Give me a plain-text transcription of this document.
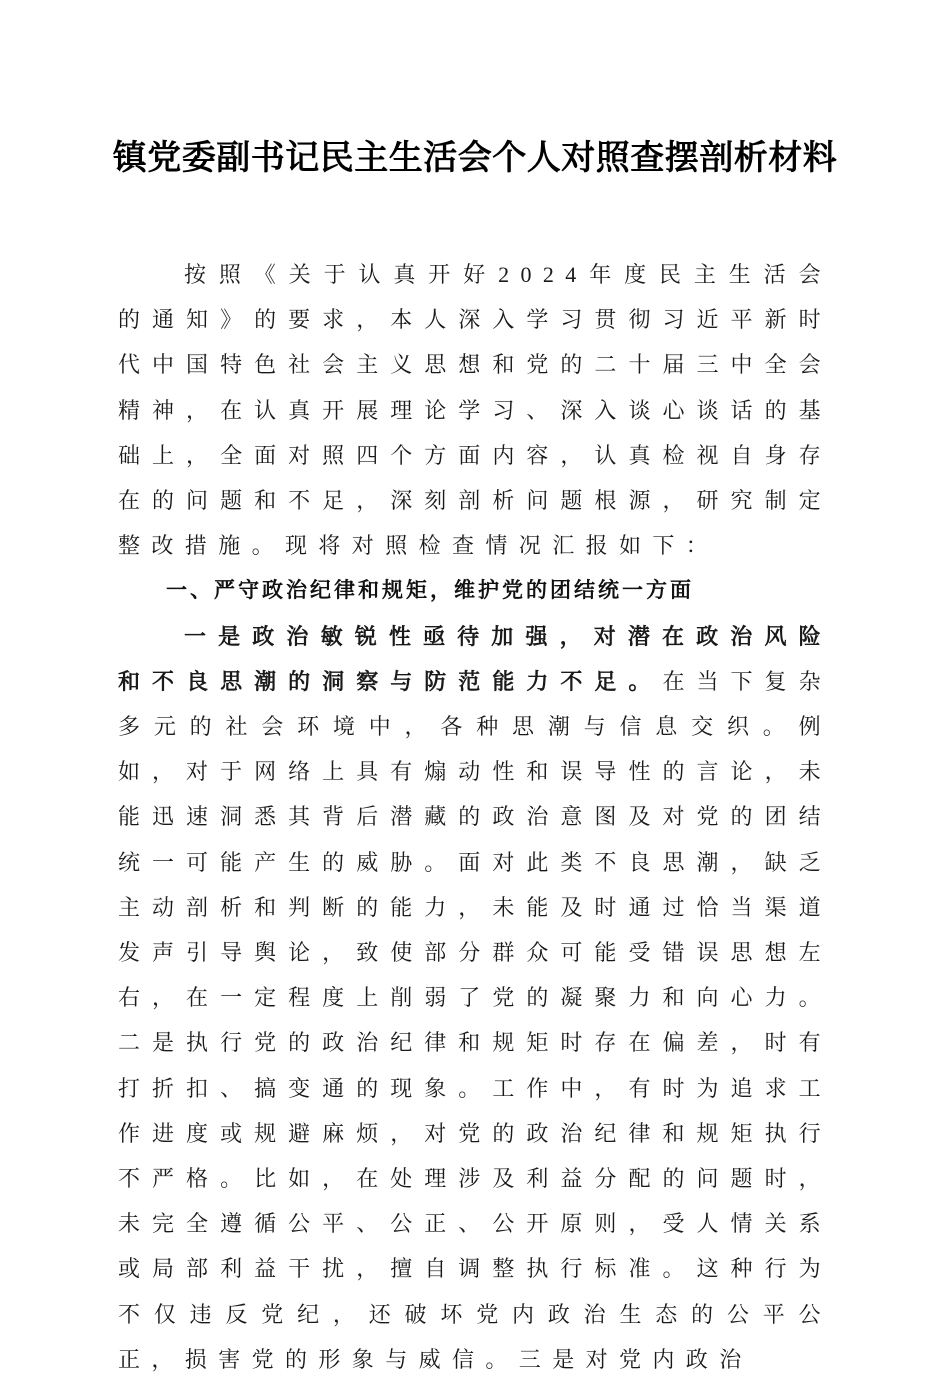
镇党委副书记民主生活会个人对照查摆剖析材料

按照《关于认真开好2024年度民主生活会的通知》的要求，本人深入学习贯彻习近平新时代中国特色社会主义思想和党的二十届三中全会精神，在认真开展理论学习、深入谈心谈话的基础上，全面对照四个方面内容，认真检视自身存在的问题和不足，深刻剖析问题根源，研究制定整改措施。现将对照检查情况汇报如下：

一、严守政治纪律和规矩，维护党的团结统一方面

一是政治敏锐性亟待加强，对潜在政治风险和不良思潮的洞察与防范能力不足。在当下复杂多元的社会环境中，各种思潮与信息交织。例如，对于网络上具有煽动性和误导性的言论，未能迅速洞悉其背后潜藏的政治意图及对党的团结统一可能产生的威胁。面对此类不良思潮，缺乏主动剖析和判断的能力，未能及时通过恰当渠道发声引导舆论，致使部分群众可能受错误思想左右，在一定程度上削弱了党的凝聚力和向心力。二是执行党的政治纪律和规矩时存在偏差，时有打折扣、搞变通的现象。工作中，有时为追求工作进度或规避麻烦，对党的政治纪律和规矩执行不严格。比如，在处理涉及利益分配的问题时，未完全遵循公平、公正、公开原则，受人情关系或局部利益干扰，擅自调整执行标准。这种行为不仅违反党纪，还破坏党内政治生态的公平公正，损害党的形象与威信。三是对党内政治
